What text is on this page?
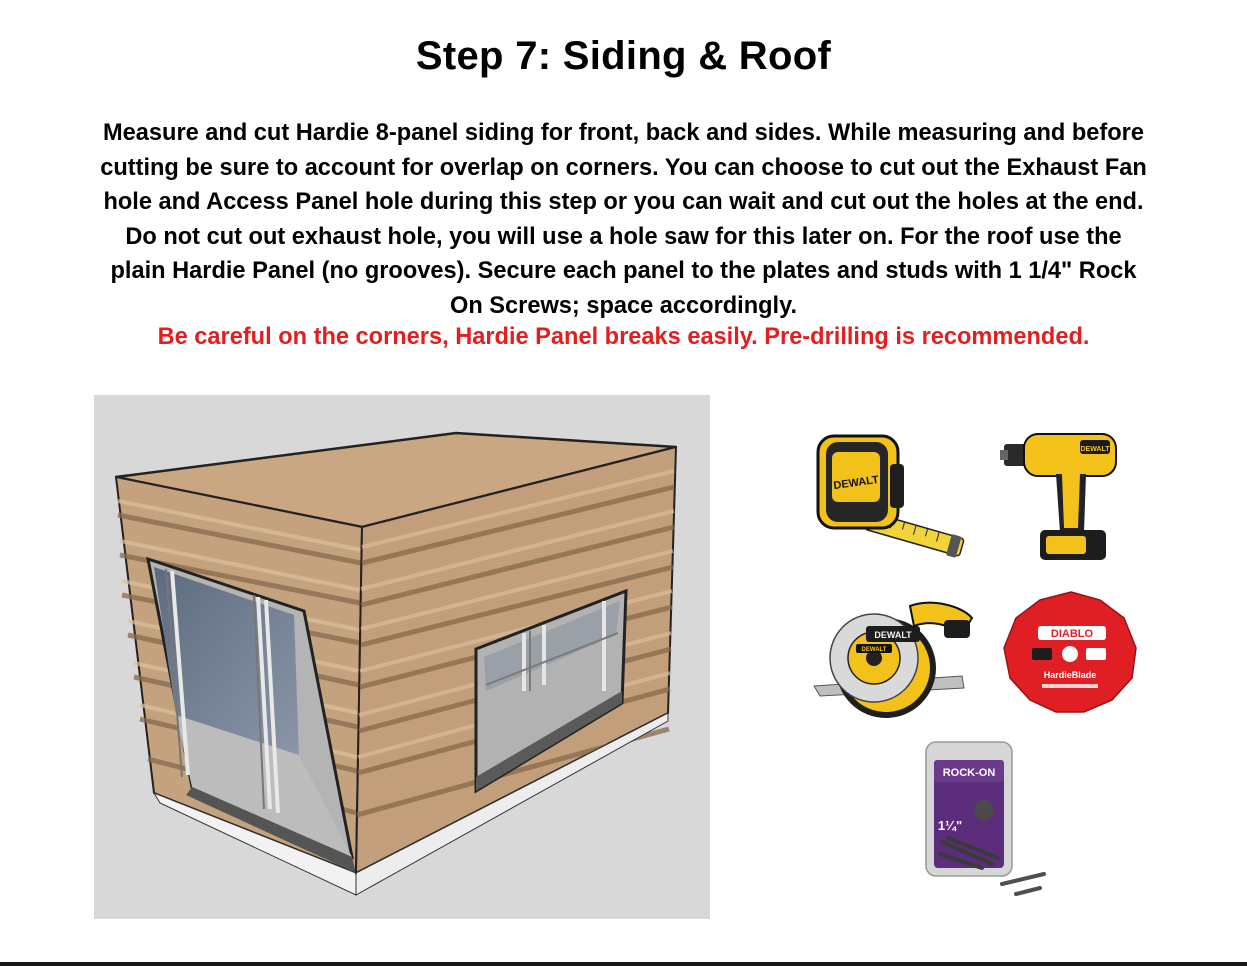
Step 7: Siding & Roof
Measure and cut Hardie 8-panel siding for front, back and sides. While measuring and before
cutting be sure to account for overlap on corners. You can choose to cut out the Exhaust Fan
hole and Access Panel hole during this step or you can wait and cut out the holes at the end.
Do not cut out exhaust hole, you will use a hole saw for this later on. For the roof use the
plain Hardie Panel (no grooves). Secure each panel to the plates and studs with 1 1/4" Rock
On Screws; space accordingly.
Be careful on the corners, Hardie Panel breaks easily. Pre-drilling is recommended.
DEWALT
DEWALT
DEWALT
DEWALT
DIABLO
HardieBlade
ROCK-ON
1¼"
